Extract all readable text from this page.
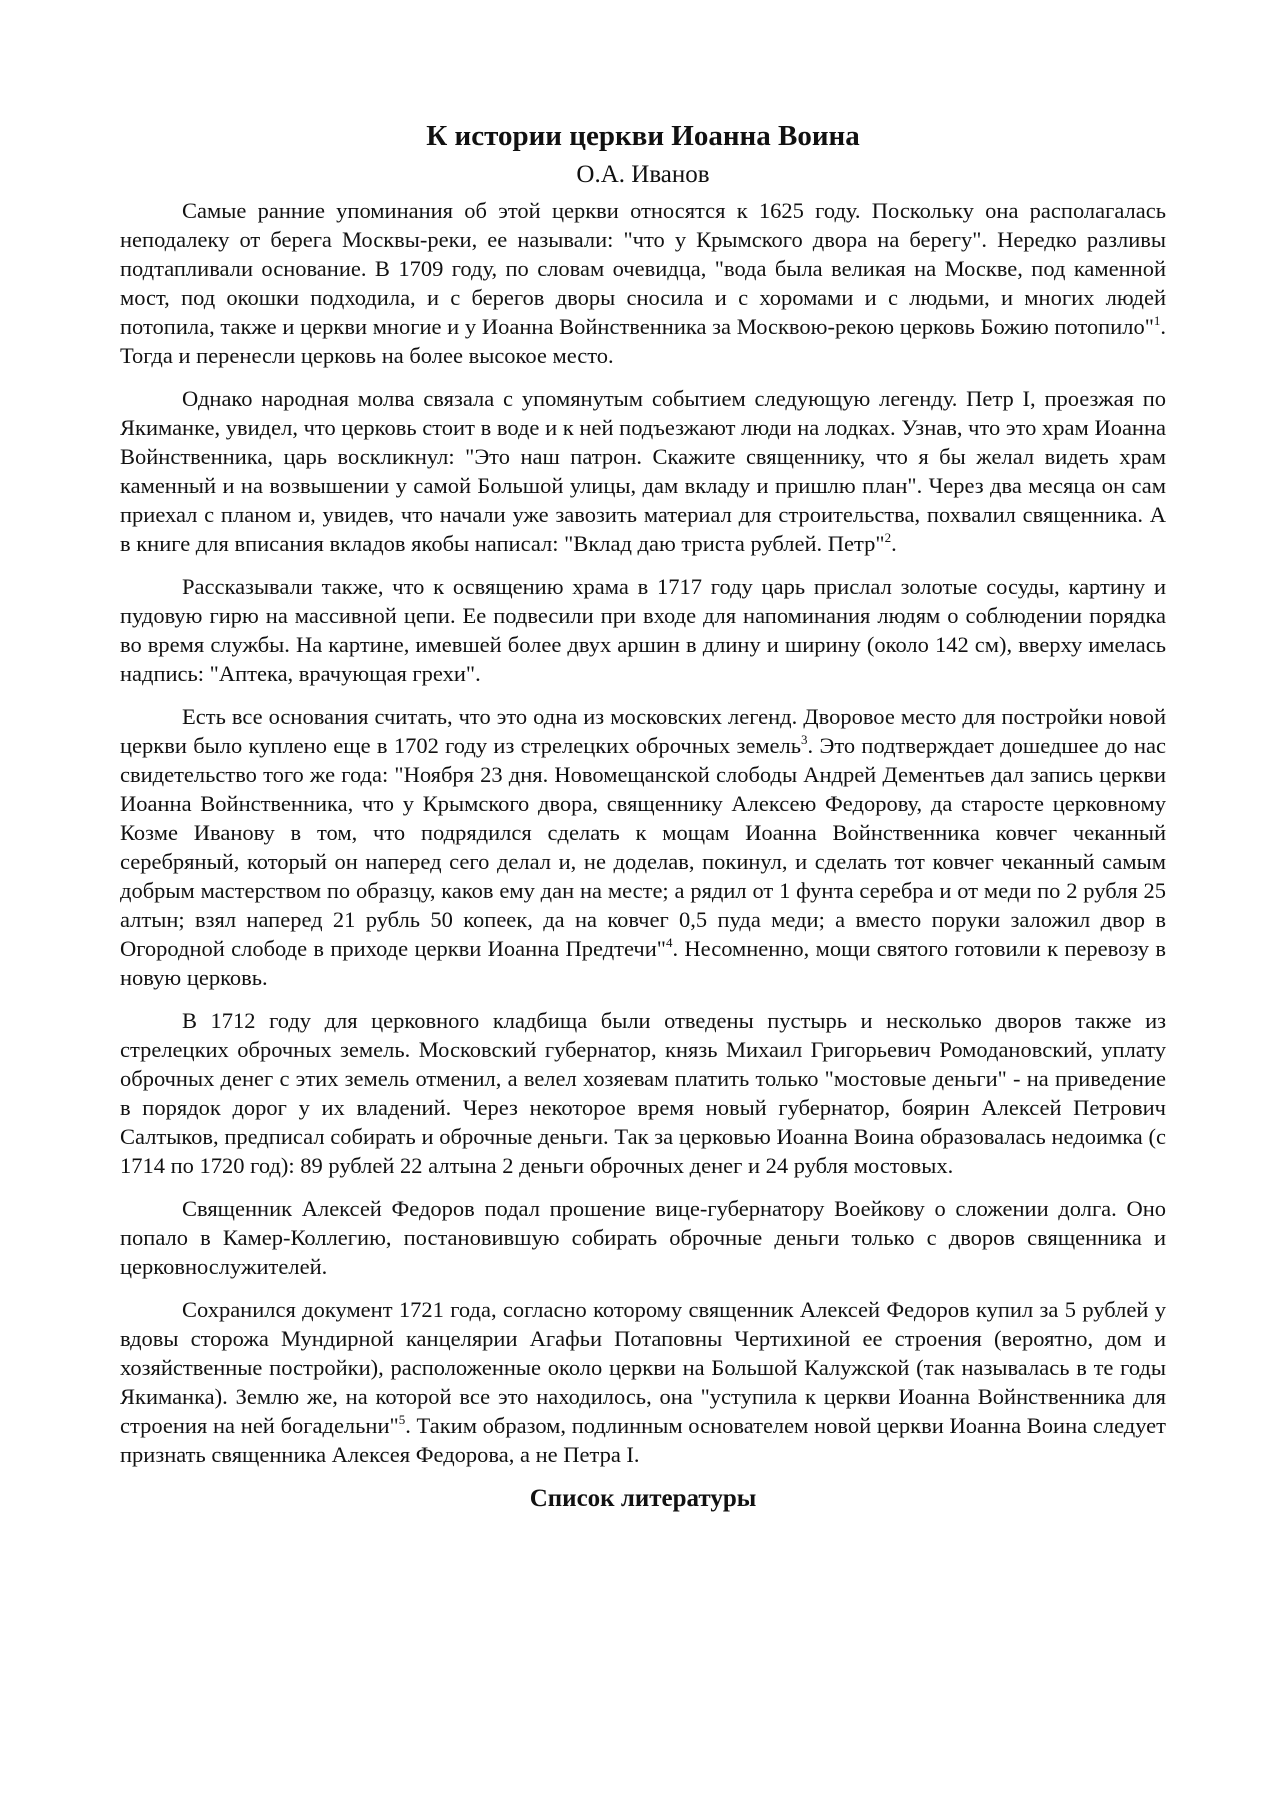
К истории церкви Иоанна Воина
О.А. Иванов

Самые ранние упоминания об этой церкви относятся к 1625 году. Поскольку она располагалась неподалеку от берега Москвы-реки, ее называли: "что у Крымского двора на берегу". Нередко разливы подтапливали основание. В 1709 году, по словам очевидца, "вода была великая на Москве, под каменной мост, под окошки подходила, и с берегов дворы сносила и с хоромами и с людьми, и многих людей потопила, также и церкви многие и у Иоанна Войнственника за Москвою-рекою церковь Божию потопило"$^1$. Тогда и перенесли церковь на более высокое место.

Однако народная молва связала с упомянутым событием следующую легенду. Петр I, проезжая по Якиманке, увидел, что церковь стоит в воде и к ней подъезжают люди на лодках. Узнав, что это храм Иоанна Войнственника, царь воскликнул: "Это наш патрон. Скажите священнику, что я бы желал видеть храм каменный и на возвышении у самой Большой улицы, дам вкладу и пришлю план". Через два месяца он сам приехал с планом и, увидев, что начали уже завозить материал для строительства, похвалил священника. А в книге для вписания вкладов якобы написал: "Вклад даю триста рублей. Петр"$^2$.

Рассказывали также, что к освящению храма в 1717 году царь прислал золотые сосуды, картину и пудовую гирю на массивной цепи. Ее подвесили при входе для напоминания людям о соблюдении порядка во время службы. На картине, имевшей более двух аршин в длину и ширину (около 142 см), вверху имелась надпись: "Аптека, врачующая грехи".

Есть все основания считать, что это одна из московских легенд. Дворовое место для постройки новой церкви было куплено еще в 1702 году из стрелецких оброчных земель$^3$. Это подтверждает дошедшее до нас свидетельство того же года: "Ноября 23 дня. Новомещанской слободы Андрей Дементьев дал запись церкви Иоанна Войнственника, что у Крымского двора, священнику Алексею Федорову, да старосте церковному Козме Иванову в том, что подрядился сделать к мощам Иоанна Войнственника ковчег чеканный серебряный, который он наперед сего делал и, не доделав, покинул, и сделать тот ковчег чеканный самым добрым мастерством по образцу, каков ему дан на месте; а рядил от 1 фунта серебра и от меди по 2 рубля 25 алтын; взял наперед 21 рубль 50 копеек, да на ковчег 0,5 пуда меди; а вместо поруки заложил двор в Огородной слободе в приходе церкви Иоанна Предтечи"$^4$. Несомненно, мощи святого готовили к перевозу в новую церковь.

В 1712 году для церковного кладбища были отведены пустырь и несколько дворов также из стрелецких оброчных земель. Московский губернатор, князь Михаил Григорьевич Ромодановский, уплату оброчных денег с этих земель отменил, а велел хозяевам платить только "мостовые деньги" - на приведение в порядок дорог у их владений. Через некоторое время новый губернатор, боярин Алексей Петрович Салтыков, предписал собирать и оброчные деньги. Так за церковью Иоанна Воина образовалась недоимка (с 1714 по 1720 год): 89 рублей 22 алтына 2 деньги оброчных денег и 24 рубля мостовых.

Священник Алексей Федоров подал прошение вице-губернатору Воейкову о сложении долга. Оно попало в Камер-Коллегию, постановившую собирать оброчные деньги только с дворов священника и церковнослужителей.

Сохранился документ 1721 года, согласно которому священник Алексей Федоров купил за 5 рублей у вдовы сторожа Мундирной канцелярии Агафьи Потаповны Чертихиной ее строения (вероятно, дом и хозяйственные постройки), расположенные около церкви на Большой Калужской (так называлась в те годы Якиманка). Землю же, на которой все это находилось, она "уступила к церкви Иоанна Войнственника для строения на ней богадельни"$^5$. Таким образом, подлинным основателем новой церкви Иоанна Воина следует признать священника Алексея Федорова, а не Петра I.

Список литературы
